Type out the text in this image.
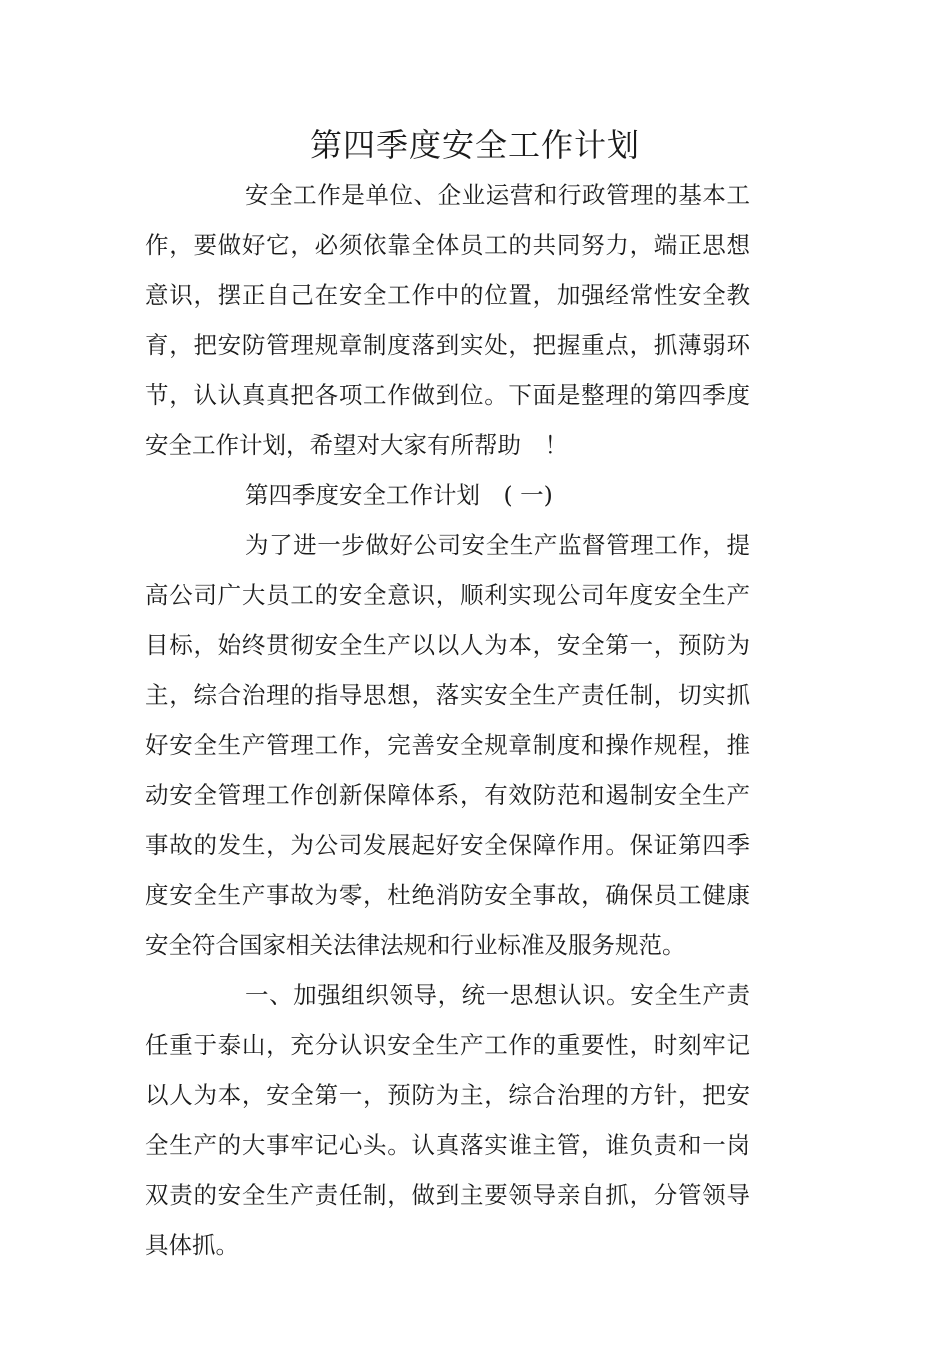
第四季度安全工作计划

安全工作是单位、企业运营和行政管理的基本工作，要做好它，必须依靠全体员工的共同努力，端正思想意识，摆正自己在安全工作中的位置，加强经常性安全教育，把安防管理规章制度落到实处，把握重点，抓薄弱环节，认认真真把各项工作做到位。下面是整理的第四季度安全工作计划，希望对大家有所帮助　！

第四季度安全工作计划　( 一)

为了进一步做好公司安全生产监督管理工作，提高公司广大员工的安全意识，顺利实现公司年度安全生产目标，始终贯彻安全生产以以人为本，安全第一，预防为主，综合治理的指导思想，落实安全生产责任制，切实抓好安全生产管理工作，完善安全规章制度和操作规程，推动安全管理工作创新保障体系，有效防范和遏制安全生产事故的发生，为公司发展起好安全保障作用。保证第四季度安全生产事故为零，杜绝消防安全事故，确保员工健康安全符合国家相关法律法规和行业标准及服务规范。

一、加强组织领导，统一思想认识。安全生产责任重于泰山，充分认识安全生产工作的重要性，时刻牢记以人为本，安全第一，预防为主，综合治理的方针，把安全生产的大事牢记心头。认真落实谁主管，谁负责和一岗双责的安全生产责任制，做到主要领导亲自抓，分管领导具体抓。
